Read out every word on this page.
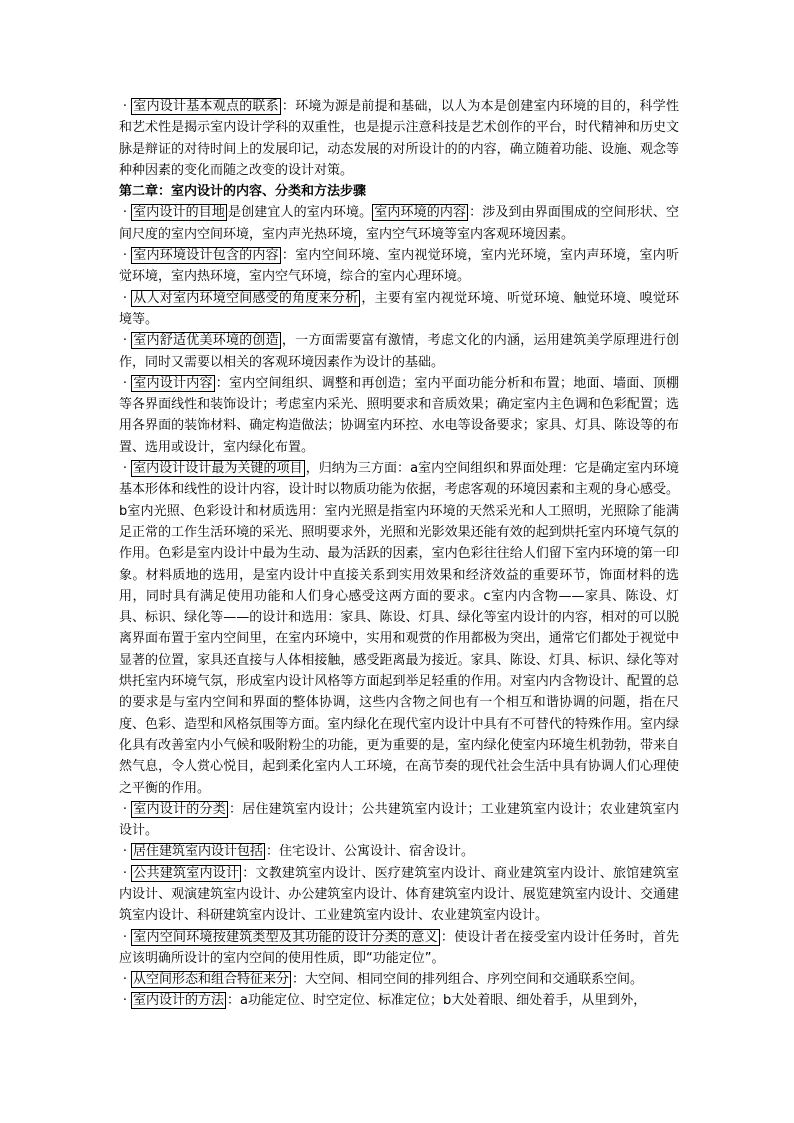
· 室内设计基本观点的联系 ：环境为源是前提和基础，以人为本是创建室内环境的目的，科学性和艺术性是揭示室内设计学科的双重性，也是提示注意科技是艺术创作的平台，时代精神和历史文脉是辩证的对待时间上的发展印记，动态发展的对所设计的的内容，确立随着功能、设施、观念等种种因素的变化而随之改变的设计对策。

第二章：室内设计的内容、分类和方法步骤

· 室内设计的目地 是创建宜人的室内环境。 室内环境的内容 ：涉及到由界面围成的空间形状、空间尺度的室内空间环境，室内声光热环境，室内空气环境等室内客观环境因素。

· 室内环境设计包含的内容 ：室内空间环境、室内视觉环境，室内光环境，室内声环境，室内听觉环境，室内热环境，室内空气环境，综合的室内心理环境。

· 从人对室内环境空间感受的角度来分析 ，主要有室内视觉环境、听觉环境、触觉环境、嗅觉环境等。

· 室内舒适优美环境的创造 ，一方面需要富有激情，考虑文化的内涵，运用建筑美学原理进行创作，同时又需要以相关的客观环境因素作为设计的基础。

· 室内设计内容 ：室内空间组织、调整和再创造；室内平面功能分析和布置；地面、墙面、顶棚等各界面线性和装饰设计；考虑室内采光、照明要求和音质效果；确定室内主色调和色彩配置；选用各界面的装饰材料、确定构造做法；协调室内环控、水电等设备要求；家具、灯具、陈设等的布置、选用或设计，室内绿化布置。

· 室内设计设计最为关键的项目 ，归纳为三方面：a室内空间组织和界面处理：它是确定室内环境基本形体和线性的设计内容，设计时以物质功能为依据，考虑客观的环境因素和主观的身心感受。b室内光照、色彩设计和材质选用：室内光照是指室内环境的天然采光和人工照明，光照除了能满足正常的工作生活环境的采光、照明要求外，光照和光影效果还能有效的起到烘托室内环境气氛的作用。色彩是室内设计中最为生动、最为活跃的因素，室内色彩往往给人们留下室内环境的第一印象。材料质地的选用，是室内设计中直接关系到实用效果和经济效益的重要环节，饰面材料的选用，同时具有满足使用功能和人们身心感受这两方面的要求。c室内内含物——家具、陈设、灯具、标识、绿化等——的设计和选用：家具、陈设、灯具、绿化等室内设计的内容，相对的可以脱离界面布置于室内空间里，在室内环境中，实用和观赏的作用都极为突出，通常它们都处于视觉中显著的位置，家具还直接与人体相接触，感受距离最为接近。家具、陈设、灯具、标识、绿化等对烘托室内环境气氛，形成室内设计风格等方面起到举足轻重的作用。对室内内含物设计、配置的总的要求是与室内空间和界面的整体协调，这些内含物之间也有一个相互和谐协调的问题，指在尺度、色彩、造型和风格氛围等方面。室内绿化在现代室内设计中具有不可替代的特殊作用。室内绿化具有改善室内小气候和吸附粉尘的功能，更为重要的是，室内绿化使室内环境生机勃勃，带来自然气息，令人赏心悦目，起到柔化室内人工环境，在高节奏的现代社会生活中具有协调人们心理使之平衡的作用。

· 室内设计的分类 ：居住建筑室内设计；公共建筑室内设计；工业建筑室内设计；农业建筑室内设计。

· 居住建筑室内设计包括 ：住宅设计、公寓设计、宿舍设计。

· 公共建筑室内设计 ：文教建筑室内设计、医疗建筑室内设计、商业建筑室内设计、旅馆建筑室内设计、观演建筑室内设计、办公建筑室内设计、体育建筑室内设计、展览建筑室内设计、交通建筑室内设计、科研建筑室内设计、工业建筑室内设计、农业建筑室内设计。

· 室内空间环境按建筑类型及其功能的设计分类的意义 ：使设计者在接受室内设计任务时，首先应该明确所设计的室内空间的使用性质，即“功能定位”。

· 从空间形态和组合特征来分 ：大空间、相同空间的排列组合、序列空间和交通联系空间。

· 室内设计的方法 ：a功能定位、时空定位、标准定位；b大处着眼、细处着手，从里到外，
